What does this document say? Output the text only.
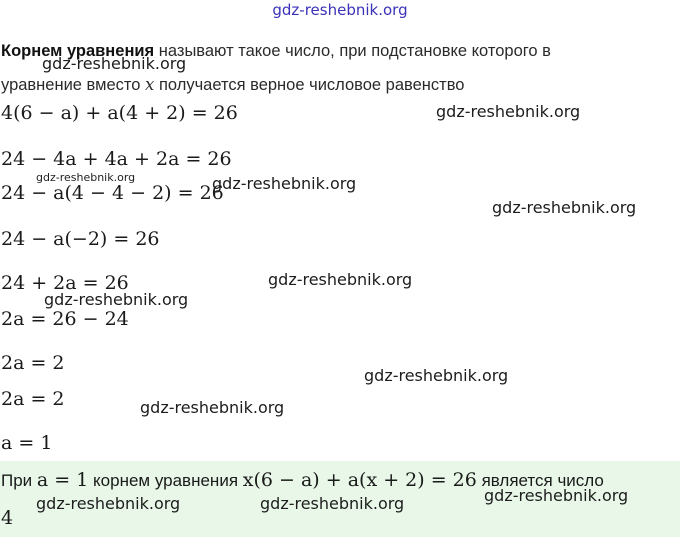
gdz-reshebnik.org
Корнем уравнения называют такое число, при подстановке которого в
уравнение вместо x получается верное числовое равенство
4(6 − a) + a(4 + 2) = 26
24 − 4a + 4a + 2a = 26
24 − a(4 − 4 − 2) = 26
24 − a(−2) = 26
24 + 2a = 26
2a = 26 − 24
2a = 2
2a = 2
a = 1
При a = 1 корнем уравнения x(6 − a) + a(x + 2) = 26 является число
4
gdz-reshebnik.org
gdz-reshebnik.org
gdz-reshebnik.org	gdz-reshebnik.org
gdz-reshebnik.org
gdz-reshebnik.org
gdz-reshebnik.org
gdz-reshebnik.org
gdz-reshebnik.org
gdz-reshebnik.org
gdz-reshebnik.org	gdz-reshebnik.org
